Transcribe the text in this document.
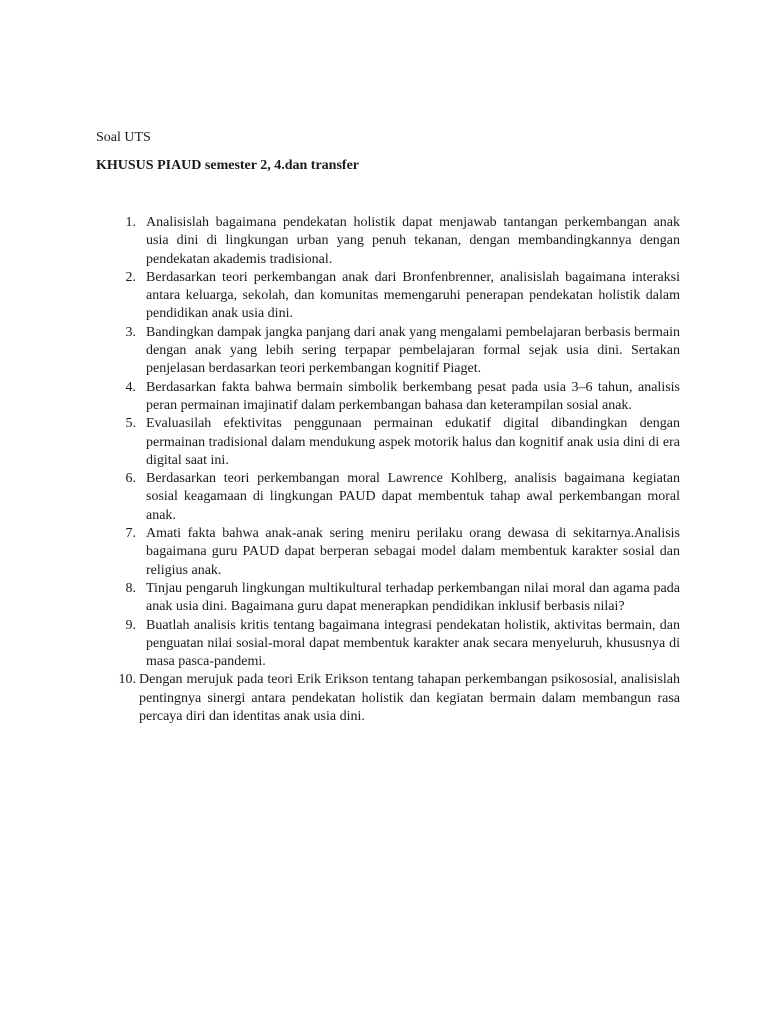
Soal UTS
KHUSUS PIAUD semester 2, 4.dan transfer
1. Analisislah bagaimana pendekatan holistik dapat menjawab tantangan perkembangan anak usia dini di lingkungan urban yang penuh tekanan, dengan membandingkannya dengan pendekatan akademis tradisional.
2. Berdasarkan teori perkembangan anak dari Bronfenbrenner, analisislah bagaimana interaksi antara keluarga, sekolah, dan komunitas memengaruhi penerapan pendekatan holistik dalam pendidikan anak usia dini.
3. Bandingkan dampak jangka panjang dari anak yang mengalami pembelajaran berbasis bermain dengan anak yang lebih sering terpapar pembelajaran formal sejak usia dini. Sertakan penjelasan berdasarkan teori perkembangan kognitif Piaget.
4. Berdasarkan fakta bahwa bermain simbolik berkembang pesat pada usia 3–6 tahun, analisis peran permainan imajinatif dalam perkembangan bahasa dan keterampilan sosial anak.
5. Evaluasilah efektivitas penggunaan permainan edukatif digital dibandingkan dengan permainan tradisional dalam mendukung aspek motorik halus dan kognitif anak usia dini di era digital saat ini.
6. Berdasarkan teori perkembangan moral Lawrence Kohlberg, analisis bagaimana kegiatan sosial keagamaan di lingkungan PAUD dapat membentuk tahap awal perkembangan moral anak.
7. Amati fakta bahwa anak-anak sering meniru perilaku orang dewasa di sekitarnya.Analisis bagaimana guru PAUD dapat berperan sebagai model dalam membentuk karakter sosial dan religius anak.
8. Tinjau pengaruh lingkungan multikultural terhadap perkembangan nilai moral dan agama pada anak usia dini. Bagaimana guru dapat menerapkan pendidikan inklusif berbasis nilai?
9. Buatlah analisis kritis tentang bagaimana integrasi pendekatan holistik, aktivitas bermain, dan penguatan nilai sosial-moral dapat membentuk karakter anak secara menyeluruh, khususnya di masa pasca-pandemi.
10. Dengan merujuk pada teori Erik Erikson tentang tahapan perkembangan psikososial, analisislah pentingnya sinergi antara pendekatan holistik dan kegiatan bermain dalam membangun rasa percaya diri dan identitas anak usia dini.
